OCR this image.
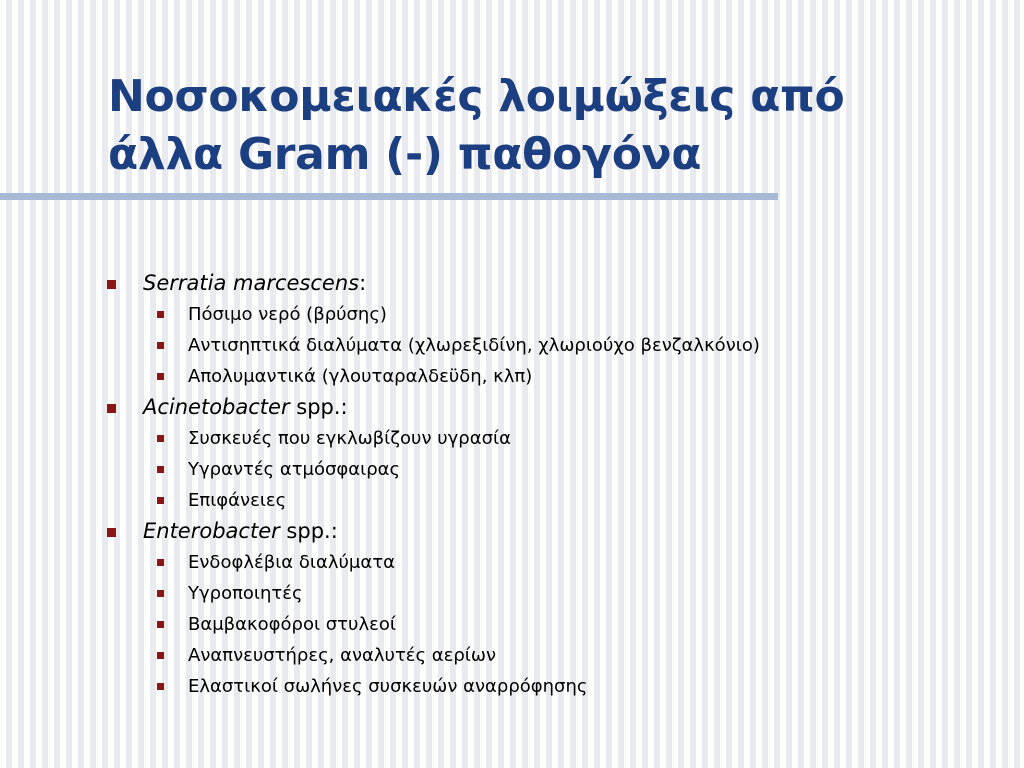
Νοσοκομειακές λοιμώξεις από
άλλα Gram (-) παθογόνα
Serratia marcescens:
Πόσιμο νερό (βρύσης)
Αντισηπτικά διαλύματα (χλωρεξιδίνη, χλωριούχο βενζαλκόνιο)
Απολυμαντικά (γλουταραλδεϋδη, κλπ)
Acinetobacter spp.:
Συσκευές που εγκλωβίζουν υγρασία
Υγραντές ατμόσφαιρας
Επιφάνειες
Enterobacter spp.:
Ενδοφλέβια διαλύματα
Υγροποιητές
Βαμβακοφόροι στυλεοί
Αναπνευστήρες, αναλυτές αερίων
Ελαστικοί σωλήνες συσκευών αναρρόφησης
